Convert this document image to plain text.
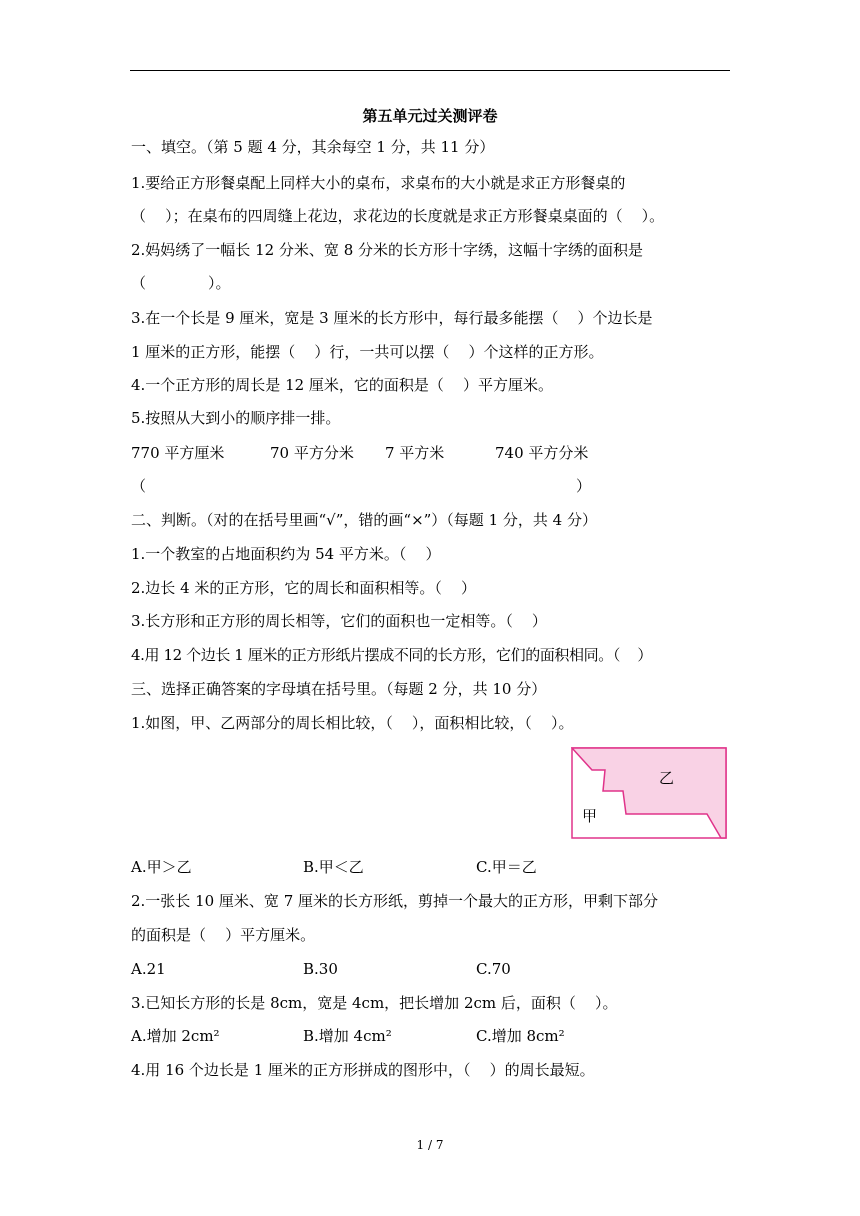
第五单元过关测评卷
一、填空。（第 5 题 4 分，其余每空 1 分，共 11 分）
1.要给正方形餐桌配上同样大小的桌布，求桌布的大小就是求正方形餐桌的
（    ）；在桌布的四周缝上花边，求花边的长度就是求正方形餐桌桌面的（    ）。
2.妈妈绣了一幅长 12 分米、宽 8 分米的长方形十字绣，这幅十字绣的面积是
（             ）。
3.在一个长是 9 厘米，宽是 3 厘米的长方形中，每行最多能摆（    ）个边长是
1 厘米的正方形，能摆（    ）行，一共可以摆（    ）个这样的正方形。
4.一个正方形的周长是 12 厘米，它的面积是（    ）平方厘米。
5.按照从大到小的顺序排一排。
770 平方厘米	70 平方分米 7 平方米	740 平方分米
（	）
二、判断。（对的在括号里画“√”，错的画“×”）（每题 1 分，共 4 分）
1.一个教室的占地面积约为 54 平方米。（    ）
2.边长 4 米的正方形，它的周长和面积相等。（    ）
3.长方形和正方形的周长相等，它们的面积也一定相等。（    ）
4.用 12 个边长 1 厘米的正方形纸片摆成不同的长方形，它们的面积相同。（    ）
三、选择正确答案的字母填在括号里。（每题 2 分，共 10 分）
1.如图，甲、乙两部分的周长相比较，（    ），面积相比较，（    ）。
乙
甲
A.甲＞乙	B.甲＜乙	C.甲＝乙
2.一张长 10 厘米、宽 7 厘米的长方形纸，剪掉一个最大的正方形，甲剩下部分
的面积是（    ）平方厘米。
A.21	B.30	C.70
3.已知长方形的长是 8cm，宽是 4cm，把长增加 2cm 后，面积（    ）。
A.增加 2cm²	B.增加 4cm²	C.增加 8cm²
4.用 16 个边长是 1 厘米的正方形拼成的图形中，（    ）的周长最短。
1 / 7
